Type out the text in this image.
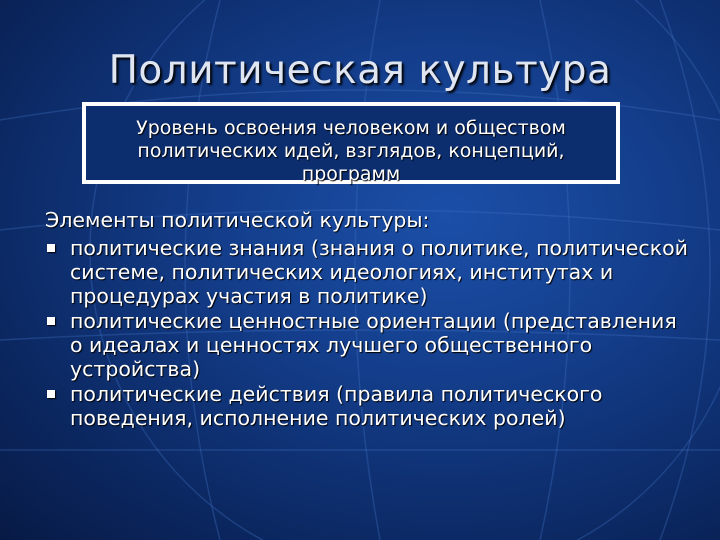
Политическая культура
Уровень освоения человеком и обществом политических идей, взглядов, концепций, программ
Элементы политической культуры:
политические знания (знания о политике, политической системе, политических идеологиях, институтах и процедурах участия в политике)
политические ценностные ориентации (представления о идеалах и ценностях лучшего общественного устройства)
политические действия (правила политического поведения, исполнение политических ролей)
